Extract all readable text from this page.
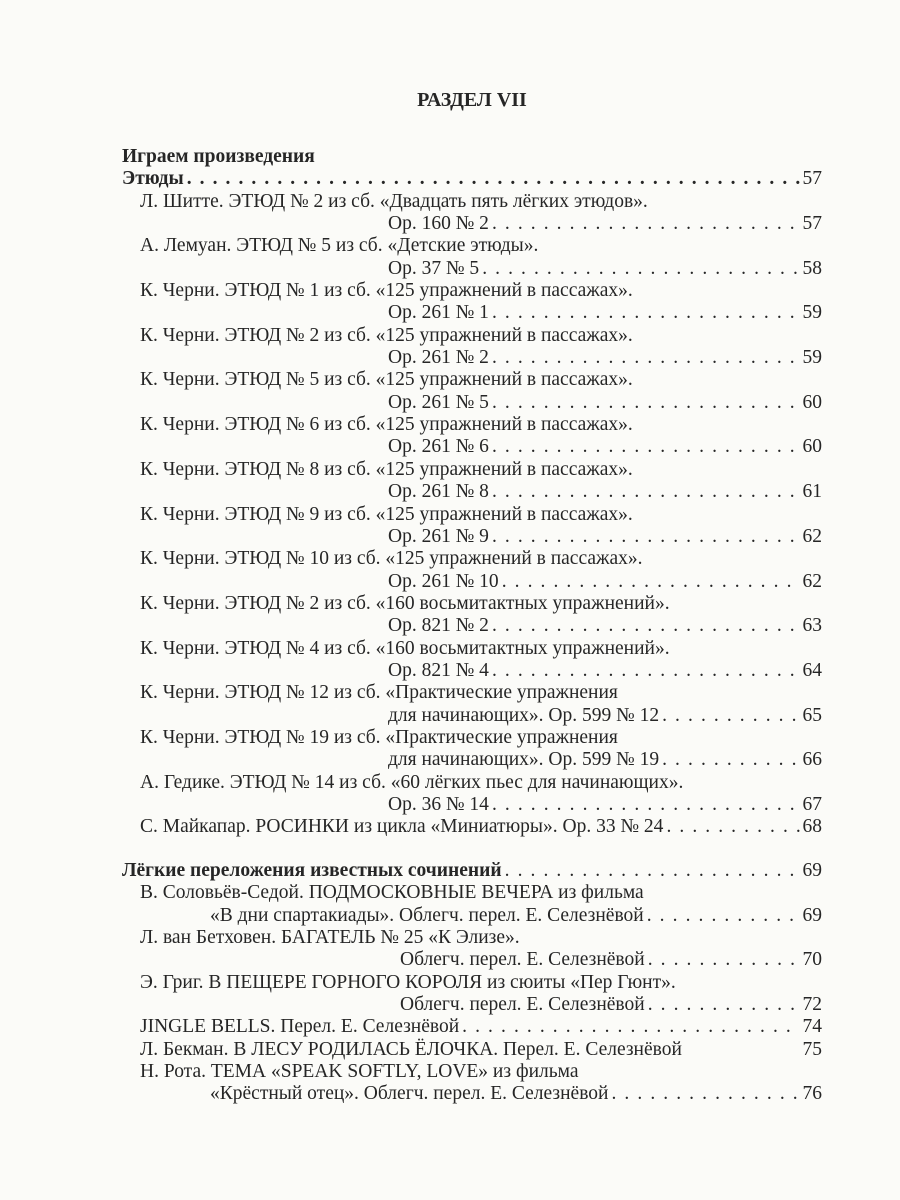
РАЗДЕЛ VII
Играем произведения
Этюды . . .	57
Л. Шитте. ЭТЮД № 2 из сб. «Двадцать пять лёгких этюдов».
Ор. 160 № 2 . . .	57
А. Лемуан. ЭТЮД № 5 из сб. «Детские этюды».
Ор. 37 № 5 . . .	58
К. Черни. ЭТЮД № 1 из сб. «125 упражнений в пассажах».
Ор. 261 № 1 . . .	59
К. Черни. ЭТЮД № 2 из сб. «125 упражнений в пассажах».
Ор. 261 № 2 . . .	59
К. Черни. ЭТЮД № 5 из сб. «125 упражнений в пассажах».
Ор. 261 № 5 . . .	60
К. Черни. ЭТЮД № 6 из сб. «125 упражнений в пассажах».
Ор. 261 № 6 . . .	60
К. Черни. ЭТЮД № 8 из сб. «125 упражнений в пассажах».
Ор. 261 № 8 . . .	61
К. Черни. ЭТЮД № 9 из сб. «125 упражнений в пассажах».
Ор. 261 № 9 . . .	62
К. Черни. ЭТЮД № 10 из сб. «125 упражнений в пассажах».
Ор. 261 № 10 . . .	62
К. Черни. ЭТЮД № 2 из сб. «160 восьмитактных упражнений».
Ор. 821 № 2 . . .	63
К. Черни. ЭТЮД № 4 из сб. «160 восьмитактных упражнений».
Ор. 821 № 4 . . .	64
К. Черни. ЭТЮД № 12 из сб. «Практические упражнения
для начинающих». Ор. 599 № 12 . . .	65
К. Черни. ЭТЮД № 19 из сб. «Практические упражнения
для начинающих». Ор. 599 № 19 . . .	66
А. Гедике. ЭТЮД № 14 из сб. «60 лёгких пьес для начинающих».
Ор. 36 № 14 . . .	67
С. Майкапар. РОСИНКИ из цикла «Миниатюры». Ор. 33 № 24 . . .	68
Лёгкие переложения известных сочинений . . .	69
В. Соловьёв-Седой. ПОДМОСКОВНЫЕ ВЕЧЕРА из фильма
«В дни спартакиады». Облегч. перел. Е. Селезнёвой . . .	69
Л. ван Бетховен. БАГАТЕЛЬ № 25 «К Элизе».
Облегч. перел. Е. Селезнёвой . . .	70
Э. Григ. В ПЕЩЕРЕ ГОРНОГО КОРОЛЯ из сюиты «Пер Гюнт».
Облегч. перел. Е. Селезнёвой . . .	72
JINGLE BELLS. Перел. Е. Селезнёвой . . .	74
Л. Бекман. В ЛЕСУ РОДИЛАСЬ ЁЛОЧКА. Перел. Е. Селезнёвой	75
Н. Рота. ТЕМА «SPEAK SOFTLY, LOVE» из фильма
«Крёстный отец». Облегч. перел. Е. Селезнёвой . . .	76
